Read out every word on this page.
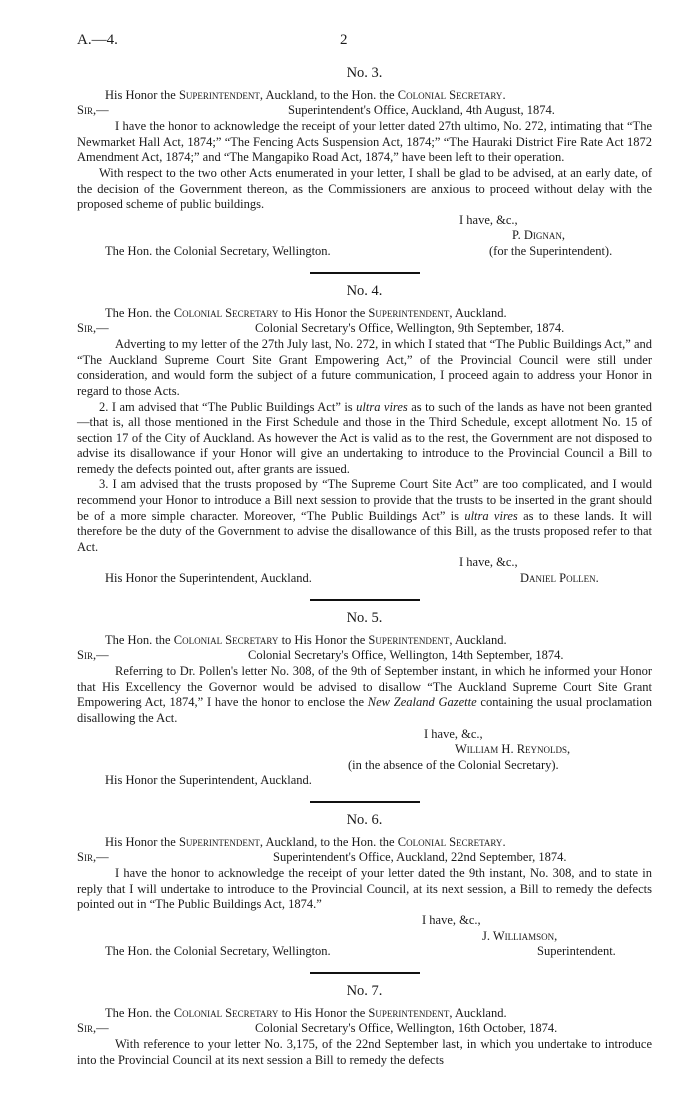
A.—4.	2
No. 3.

His Honor the Superintendent, Auckland, to the Hon. the Colonial Secretary.

Sir,—	Superintendent's Office, Auckland, 4th August, 1874.

I have the honor to acknowledge the receipt of your letter dated 27th ultimo, No. 272, intimating that “The Newmarket Hall Act, 1874;” “The Fencing Acts Suspension Act, 1874;” “The Hauraki District Fire Rate Act 1872 Amendment Act, 1874;” and “The Mangapiko Road Act, 1874,” have been left to their operation.

With respect to the two other Acts enumerated in your letter, I shall be glad to be advised, at an early date, of the decision of the Government thereon, as the Commissioners are anxious to proceed without delay with the proposed scheme of public buildings.

I have, &c.,
P. Dignan,
The Hon. the Colonial Secretary, Wellington.	(for the Superintendent).
No. 4.

The Hon. the Colonial Secretary to His Honor the Superintendent, Auckland.

Sir,—	Colonial Secretary's Office, Wellington, 9th September, 1874.

Adverting to my letter of the 27th July last, No. 272, in which I stated that “The Public Buildings Act,” and “The Auckland Supreme Court Site Grant Empowering Act,” of the Provincial Council were still under consideration, and would form the subject of a future communication, I proceed again to address your Honor in regard to those Acts.

2. I am advised that “The Public Buildings Act” is ultra vires as to such of the lands as have not been granted—that is, all those mentioned in the First Schedule and those in the Third Schedule, except allotment No. 15 of section 17 of the City of Auckland. As however the Act is valid as to the rest, the Government are not disposed to advise its disallowance if your Honor will give an undertaking to introduce to the Provincial Council a Bill to remedy the defects pointed out, after grants are issued.

3. I am advised that the trusts proposed by “The Supreme Court Site Act” are too complicated, and I would recommend your Honor to introduce a Bill next session to provide that the trusts to be inserted in the grant should be of a more simple character. Moreover, “The Public Buildings Act” is ultra vires as to these lands. It will therefore be the duty of the Government to advise the disallowance of this Bill, as the trusts proposed refer to that Act.

I have, &c.,
His Honor the Superintendent, Auckland.	Daniel Pollen.
No. 5.

The Hon. the Colonial Secretary to His Honor the Superintendent, Auckland.

Sir,—	Colonial Secretary's Office, Wellington, 14th September, 1874.

Referring to Dr. Pollen's letter No. 308, of the 9th of September instant, in which he informed your Honor that His Excellency the Governor would be advised to disallow “The Auckland Supreme Court Site Grant Empowering Act, 1874,” I have the honor to enclose the New Zealand Gazette containing the usual proclamation disallowing the Act.

I have, &c.,
William H. Reynolds,
(in the absence of the Colonial Secretary).
His Honor the Superintendent, Auckland.
No. 6.

His Honor the Superintendent, Auckland, to the Hon. the Colonial Secretary.

Sir,—	Superintendent's Office, Auckland, 22nd September, 1874.

I have the honor to acknowledge the receipt of your letter dated the 9th instant, No. 308, and to state in reply that I will undertake to introduce to the Provincial Council, at its next session, a Bill to remedy the defects pointed out in “The Public Buildings Act, 1874.”

I have, &c.,
J. Williamson,
The Hon. the Colonial Secretary, Wellington.	Superintendent.
No. 7.

The Hon. the Colonial Secretary to His Honor the Superintendent, Auckland.

Sir,—	Colonial Secretary's Office, Wellington, 16th October, 1874.

With reference to your letter No. 3,175, of the 22nd September last, in which you undertake to introduce into the Provincial Council at its next session a Bill to remedy the defects
